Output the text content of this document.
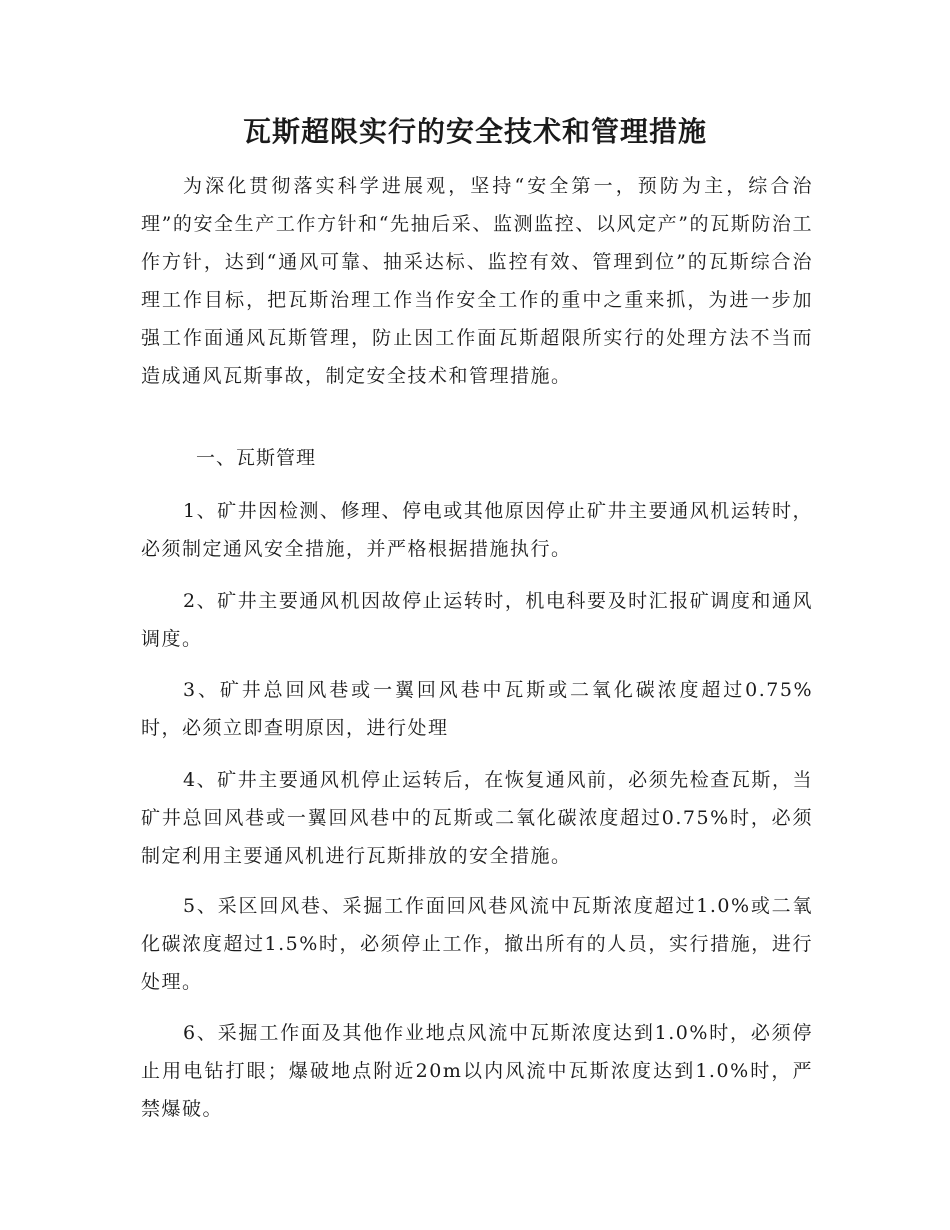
瓦斯超限实行的安全技术和管理措施

为深化贯彻落实科学进展观，坚持“安全第一，预防为主，综合治理”的安全生产工作方针和“先抽后采、监测监控、以风定产”的瓦斯防治工作方针，达到“通风可靠、抽采达标、监控有效、管理到位”的瓦斯综合治理工作目标，把瓦斯治理工作当作安全工作的重中之重来抓，为进一步加强工作面通风瓦斯管理，防止因工作面瓦斯超限所实行的处理方法不当而造成通风瓦斯事故，制定安全技术和管理措施。

一、瓦斯管理

1、矿井因检测、修理、停电或其他原因停止矿井主要通风机运转时，必须制定通风安全措施，并严格根据措施执行。

2、矿井主要通风机因故停止运转时，机电科要及时汇报矿调度和通风调度。

3、矿井总回风巷或一翼回风巷中瓦斯或二氧化碳浓度超过0.75%时，必须立即查明原因，进行处理

4、矿井主要通风机停止运转后，在恢复通风前，必须先检查瓦斯，当矿井总回风巷或一翼回风巷中的瓦斯或二氧化碳浓度超过0.75%时，必须制定利用主要通风机进行瓦斯排放的安全措施。

5、采区回风巷、采掘工作面回风巷风流中瓦斯浓度超过1.0%或二氧化碳浓度超过1.5%时，必须停止工作，撤出所有的人员，实行措施，进行处理。

6、采掘工作面及其他作业地点风流中瓦斯浓度达到1.0%时，必须停止用电钻打眼；爆破地点附近20m以内风流中瓦斯浓度达到1.0%时，严禁爆破。
